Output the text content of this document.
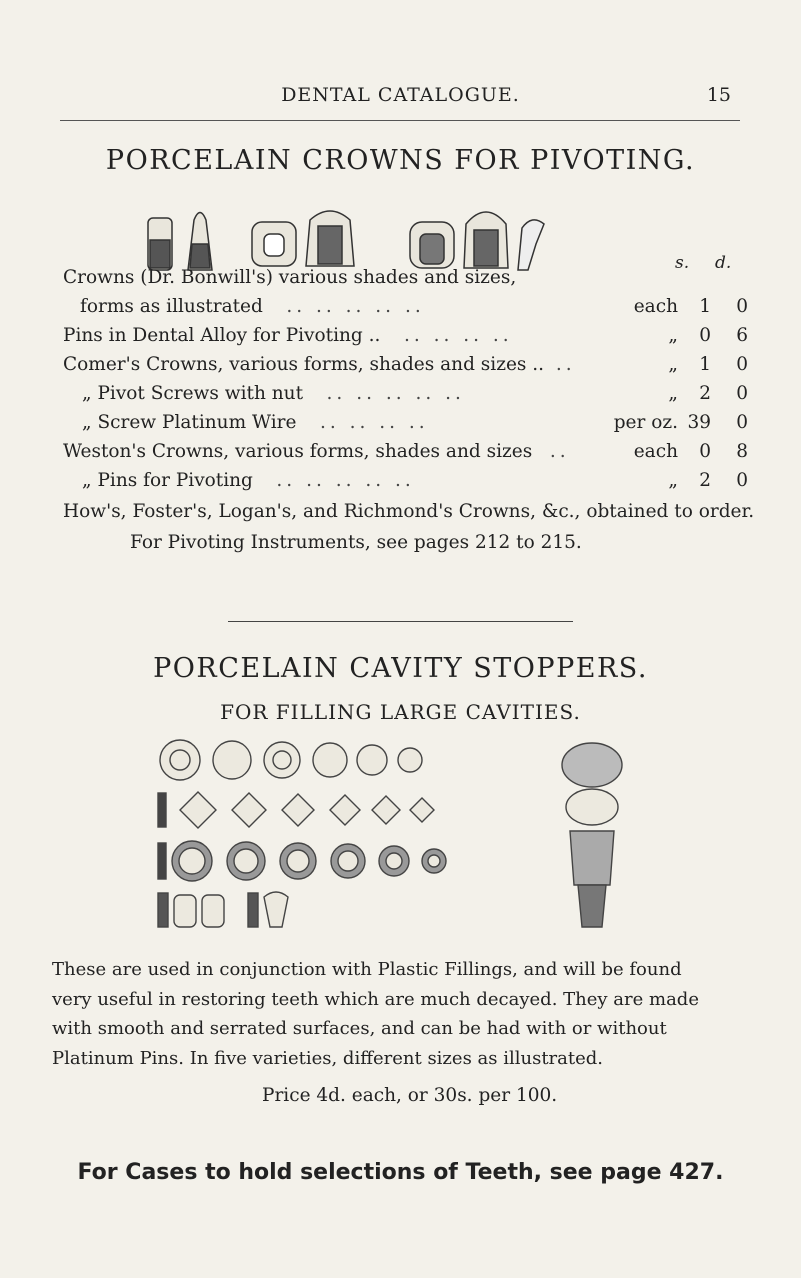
DENTAL CATALOGUE.	15
PORCELAIN CROWNS FOR PIVOTING.
s. d.
Crowns (Dr. Bonwill's) various shades and sizes,
forms as illustrated .. .. .. .. ..	each 1 0
Pins in Dental Alloy for Pivoting .. .. .. .. ..	„ 0 6
Comer's Crowns, various forms, shades and sizes .. ..	„ 1 0
„ Pivot Screws with nut .. .. .. .. ..	„ 2 0
„ Screw Platinum Wire .. .. .. ..	per oz. 39 0
Weston's Crowns, various forms, shades and sizes ..	each 0 8
„ Pins for Pivoting .. .. .. .. ..	„ 2 0
How's, Foster's, Logan's, and Richmond's Crowns, &c., obtained to order.
For Pivoting Instruments, see pages 212 to 215.
PORCELAIN CAVITY STOPPERS.
FOR FILLING LARGE CAVITIES.
These are used in conjunction with Plastic Fillings, and will be found
very useful in restoring teeth which are much decayed. They are made
with smooth and serrated surfaces, and can be had with or without
Platinum Pins. In five varieties, different sizes as illustrated.
Price 4d. each, or 30s. per 100.
For Cases to hold selections of Teeth, see page 427.
